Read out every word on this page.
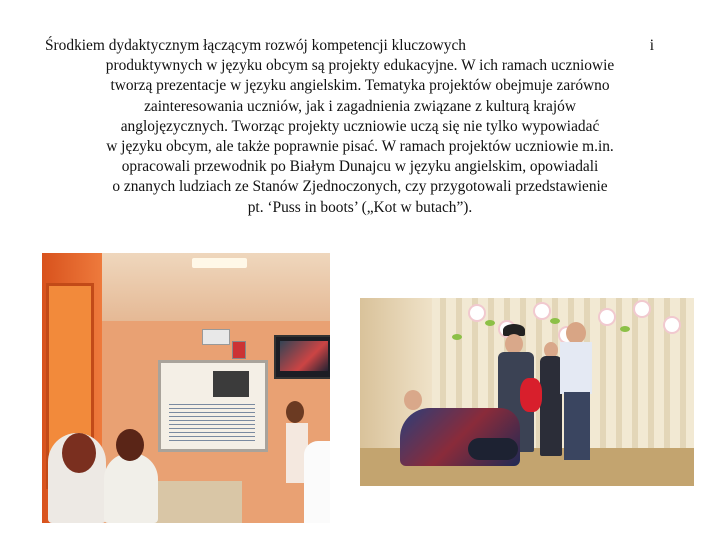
Środkiem dydaktycznym łączącym rozwój kompetencji kluczowych	i
produktywnych w języku obcym są projekty edukacyjne. W ich ramach uczniowie
tworzą prezentacje w języku angielskim. Tematyka projektów obejmuje zarówno
zainteresowania uczniów, jak i zagadnienia związane z kulturą krajów
anglojęzycznych. Tworząc projekty uczniowie uczą się nie tylko wypowiadać
w języku obcym, ale także poprawnie pisać. W ramach projektów uczniowie m.in.
opracowali przewodnik po Białym Dunajcu w języku angielskim, opowiadali
o znanych ludziach ze Stanów Zjednoczonych, czy przygotowali przedstawienie
pt. ‘Puss in boots’ („Kot w butach”).
